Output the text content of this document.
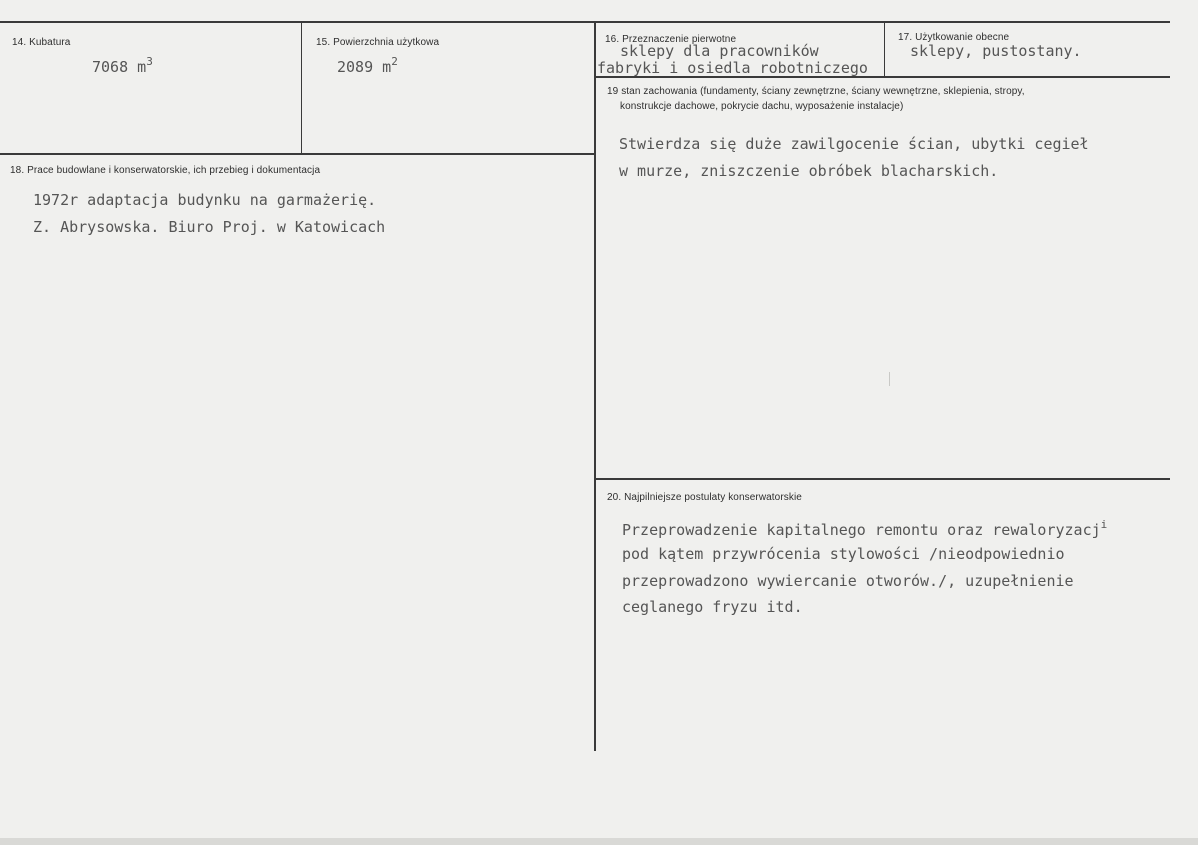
14. Kubatura
7068 $m^3$
15. Powierzchnia użytkowa
2089 $m^2$
16. Przeznaczenie pierwotne
sklepy dla pracowników
fabryki i osiedla robotniczego
17. Użytkowanie obecne
sklepy, pustostany.
18. Prace budowlane i konserwatorskie, ich przebieg i dokumentacja
1972r adaptacja budynku na garmażerię.
Z. Abrysowska. Biuro Proj. w Katowicach
19 stan zachowania (fundamenty, ściany zewnętrzne, ściany wewnętrzne, sklepienia, stropy,
konstrukcje dachowe, pokrycie dachu, wyposażenie instalacje)
Stwierdza się duże zawilgocenie ścian, ubytki cegieł
w murze, zniszczenie obróbek blacharskich.
20. Najpilniejsze postulaty konserwatorskie
Przeprowadzenie kapitalnego remontu oraz rewaloryzacj$^i$
pod kątem przywrócenia stylowości /nieodpowiednio
przeprowadzono wywiercanie otworów./, uzupełnienie
ceglanego fryzu itd.
